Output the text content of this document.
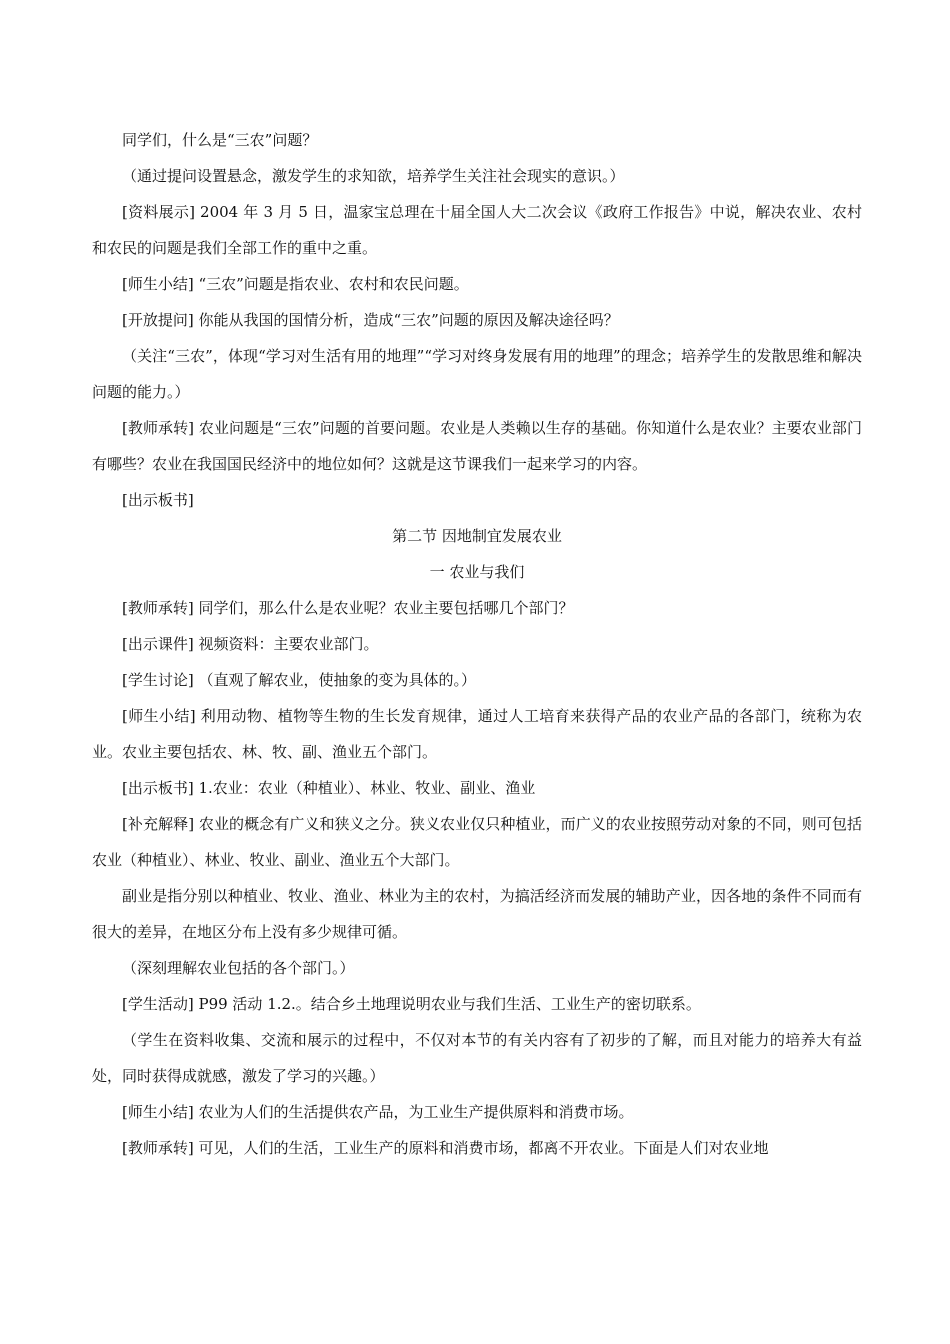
同学们，什么是“三农”问题？

（通过提问设置悬念，激发学生的求知欲，培养学生关注社会现实的意识。）

[资料展示] 2004 年 3 月 5 日，温家宝总理在十届全国人大二次会议《政府工作报告》中说，解决农业、农村和农民的问题是我们全部工作的重中之重。

[师生小结] “三农”问题是指农业、农村和农民问题。

[开放提问] 你能从我国的国情分析，造成“三农”问题的原因及解决途径吗？

（关注“三农”，体现“学习对生活有用的地理”“学习对终身发展有用的地理”的理念；培养学生的发散思维和解决问题的能力。）

[教师承转] 农业问题是“三农”问题的首要问题。农业是人类赖以生存的基础。你知道什么是农业？主要农业部门有哪些？农业在我国国民经济中的地位如何？这就是这节课我们一起来学习的内容。

[出示板书]

第二节 因地制宜发展农业

一 农业与我们

[教师承转] 同学们，那么什么是农业呢？农业主要包括哪几个部门？

[出示课件] 视频资料：主要农业部门。

[学生讨论] （直观了解农业，使抽象的变为具体的。）

[师生小结] 利用动物、植物等生物的生长发育规律，通过人工培育来获得产品的农业产品的各部门，统称为农业。农业主要包括农、林、牧、副、渔业五个部门。

[出示板书] 1.农业：农业（种植业）、林业、牧业、副业、渔业

[补充解释] 农业的概念有广义和狭义之分。狭义农业仅只种植业，而广义的农业按照劳动对象的不同，则可包括农业（种植业）、林业、牧业、副业、渔业五个大部门。

副业是指分别以种植业、牧业、渔业、林业为主的农村，为搞活经济而发展的辅助产业，因各地的条件不同而有很大的差异，在地区分布上没有多少规律可循。

（深刻理解农业包括的各个部门。）

[学生活动] P99 活动 1.2.。结合乡土地理说明农业与我们生活、工业生产的密切联系。

（学生在资料收集、交流和展示的过程中，不仅对本节的有关内容有了初步的了解，而且对能力的培养大有益处，同时获得成就感，激发了学习的兴趣。）

[师生小结] 农业为人们的生活提供农产品，为工业生产提供原料和消费市场。

[教师承转] 可见，人们的生活，工业生产的原料和消费市场，都离不开农业。下面是人们对农业地
